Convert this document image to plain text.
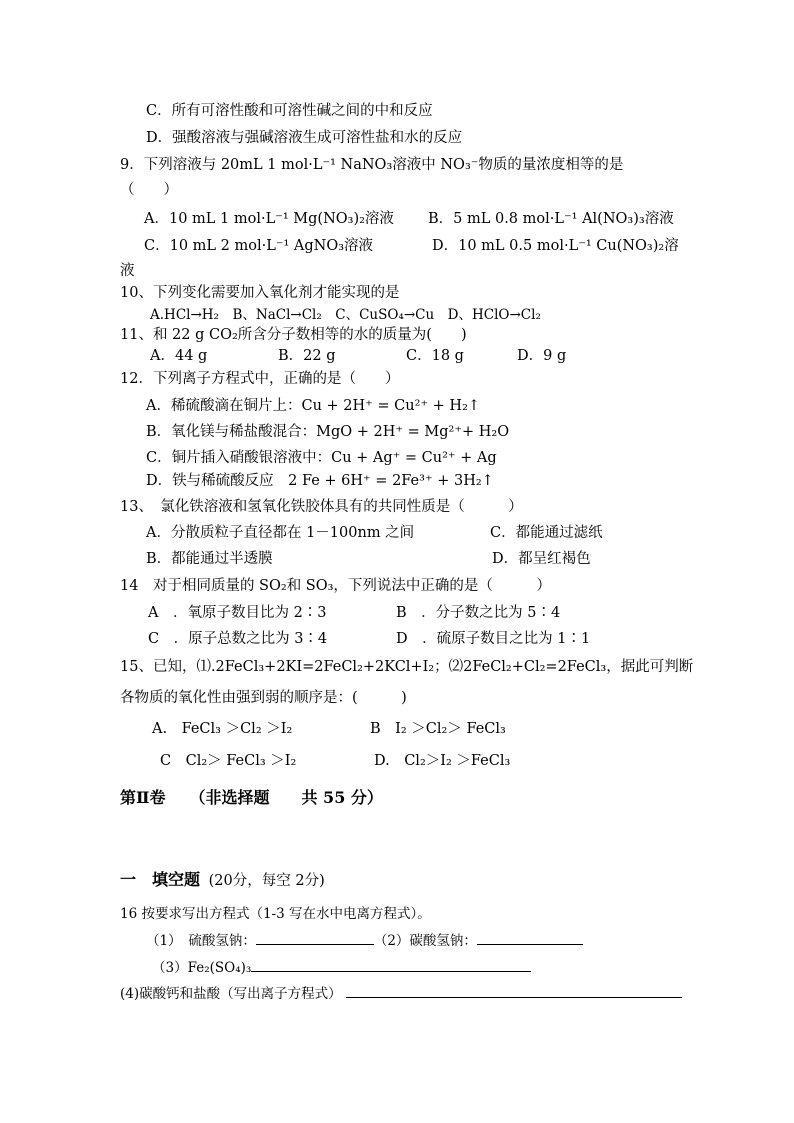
C．所有可溶性酸和可溶性碱之间的中和反应
D．强酸溶液与强碱溶液生成可溶性盐和水的反应
9．下列溶液与 20mL 1 mol·L⁻¹ NaNO₃溶液中 NO₃⁻物质的量浓度相等的是
（　　）
A．10 mL 1 mol·L⁻¹ Mg(NO₃)₂溶液 B．5 mL 0.8 mol·L⁻¹ Al(NO₃)₃溶液
C．10 mL 2 mol·L⁻¹ AgNO₃溶液	D．10 mL 0.5 mol·L⁻¹ Cu(NO₃)₂溶
液
10、下列变化需要加入氧化剂才能实现的是
A.HCl→H₂　B、NaCl→Cl₂　C、CuSO₄→Cu　D、HClO→Cl₂
11、和 22 g CO₂所含分子数相等的水的质量为(　　)
A．44 g	B．22 g	C．18 g	D．9 g
12．下列离子方程式中，正确的是（　　）
A．稀硫酸滴在铜片上：Cu + 2H⁺ = Cu²⁺ + H₂↑
B．氧化镁与稀盐酸混合：MgO + 2H⁺ = Mg²⁺+ H₂O
C．铜片插入硝酸银溶液中：Cu + Ag⁺ = Cu²⁺ + Ag
D．铁与稀硫酸反应　2 Fe + 6H⁺ = 2Fe³⁺ + 3H₂↑
13、　氯化铁溶液和氢氧化铁胶体具有的共同性质是（　　　）
A．分散质粒子直径都在 1－100nm 之间	C．都能通过滤纸
B．都能通过半透膜	D．都呈红褐色
14　对于相同质量的 SO₂和 SO₃，下列说法中正确的是（　　　）
A　．氧原子数目比为 2∶3	B　．分子数之比为 5∶4
C　．原子总数之比为 3∶4	D　．硫原子数目之比为 1∶1
15、已知，⑴.2FeCl₃+2KI=2FeCl₂+2KCl+I₂；⑵2FeCl₂+Cl₂=2FeCl₃，据此可判断
各物质的氧化性由强到弱的顺序是：(　　　)
A.　FeCl₃ ＞Cl₂ ＞I₂	B　I₂ ＞Cl₂＞ FeCl₃
C　Cl₂＞ FeCl₃ ＞I₂	D.　Cl₂＞I₂ ＞FeCl₃
第Ⅱ卷　　（非选择题　　共 55 分）
一　填空题 (20分，每空 2分)
16 按要求写出方程式（1-3 写在水中电离方程式）。
（1）　硫酸氢钠：	（2）碳酸氢钠：
（3）Fe₂(SO₄)₃
(4)碳酸钙和盐酸（写出离子方程式）
